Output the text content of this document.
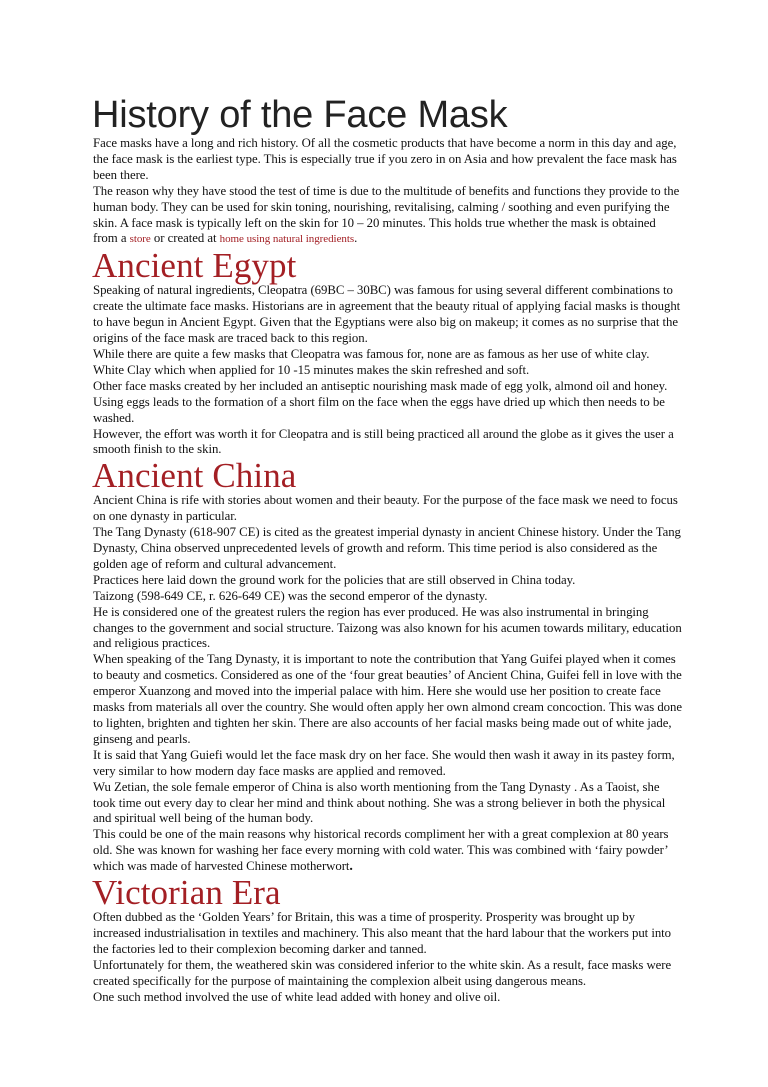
History of the Face Mask

Face masks have a long and rich history. Of all the cosmetic products that have become a norm in this day and age, the face mask is the earliest type. This is especially true if you zero in on Asia and how prevalent the face mask has been there.

The reason why they have stood the test of time is due to the multitude of benefits and functions they provide to the human body. They can be used for skin toning, nourishing, revitalising, calming / soothing and even purifying the skin. A face mask is typically left on the skin for 10 – 20 minutes. This holds true whether the mask is obtained from a store or created at home using natural ingredients.

Ancient Egypt

Speaking of natural ingredients, Cleopatra (69BC – 30BC) was famous for using several different combinations to create the ultimate face masks. Historians are in agreement that the beauty ritual of applying facial masks is thought to have begun in Ancient Egypt. Given that the Egyptians were also big on makeup; it comes as no surprise that the origins of the face mask are traced back to this region.

While there are quite a few masks that Cleopatra was famous for, none are as famous as her use of white clay. White Clay which when applied for 10 -15 minutes makes the skin refreshed and soft.

Other face masks created by her included an antiseptic nourishing mask made of egg yolk, almond oil and honey. Using eggs leads to the formation of a short film on the face when the eggs have dried up which then needs to be washed.

However, the effort was worth it for Cleopatra and is still being practiced all around the globe as it gives the user a smooth finish to the skin.

Ancient China

Ancient China is rife with stories about women and their beauty. For the purpose of the face mask we need to focus on one dynasty in particular.

The Tang Dynasty (618-907 CE) is cited as the greatest imperial dynasty in ancient Chinese history. Under the Tang Dynasty, China observed unprecedented levels of growth and reform. This time period is also considered as the golden age of reform and cultural advancement.

Practices here laid down the ground work for the policies that are still observed in China today.

Taizong (598-649 CE, r. 626-649 CE) was the second emperor of the dynasty.

He is considered one of the greatest rulers the region has ever produced. He was also instrumental in bringing changes to the government and social structure. Taizong was also known for his acumen towards military, education and religious practices.

When speaking of the Tang Dynasty, it is important to note the contribution that Yang Guifei played when it comes to beauty and cosmetics. Considered as one of the ‘four great beauties’ of Ancient China, Guifei fell in love with the emperor Xuanzong and moved into the imperial palace with him. Here she would use her position to create face masks from materials all over the country. She would often apply her own almond cream concoction. This was done to lighten, brighten and tighten her skin. There are also accounts of her facial masks being made out of white jade, ginseng and pearls.

It is said that Yang Guiefi would let the face mask dry on her face. She would then wash it away in its pastey form, very similar to how modern day face masks are applied and removed.

Wu Zetian, the sole female emperor of China is also worth mentioning from the Tang Dynasty . As a Taoist, she took time out every day to clear her mind and think about nothing. She was a strong believer in both the physical and spiritual well being of the human body.

This could be one of the main reasons why historical records compliment her with a great complexion at 80 years old. She was known for washing her face every morning with cold water. This was combined with ‘fairy powder’ which was made of harvested Chinese motherwort.

Victorian Era

Often dubbed as the ‘Golden Years’ for Britain, this was a time of prosperity. Prosperity was brought up by increased industrialisation in textiles and machinery. This also meant that the hard labour that the workers put into the factories led to their complexion becoming darker and tanned.

Unfortunately for them, the weathered skin was considered inferior to the white skin. As a result, face masks were created specifically for the purpose of maintaining the complexion albeit using dangerous means.

One such method involved the use of white lead added with honey and olive oil.
